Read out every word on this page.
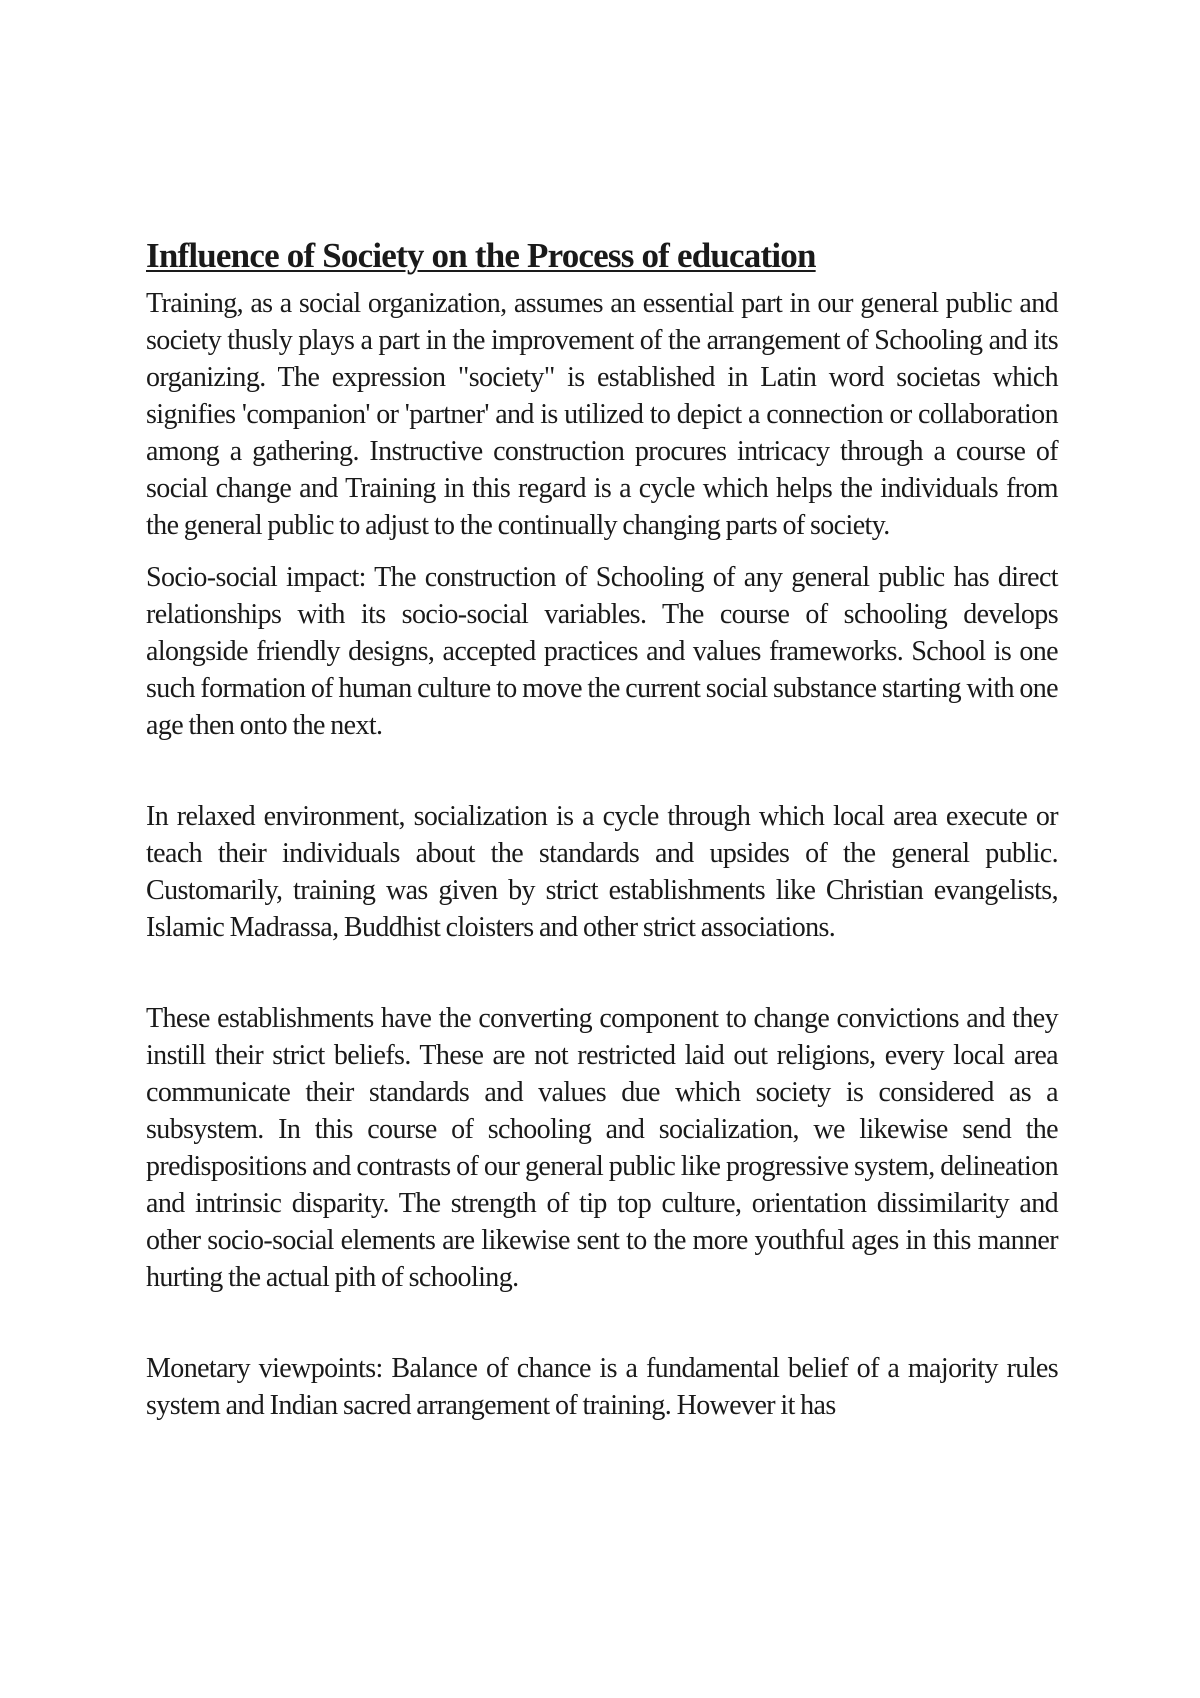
Influence of Society on the Process of education

Training, as a social organization, assumes an essential part in our general public and society thusly plays a part in the improvement of the arrangement of Schooling and its organizing. The expression "society" is established in Latin word societas which signifies 'companion' or 'partner' and is utilized to depict a connection or collaboration among a gathering. Instructive construction procures intricacy through a course of social change and Training in this regard is a cycle which helps the individuals from the general public to adjust to the continually changing parts of society.

Socio-social impact: The construction of Schooling of any general public has direct relationships with its socio-social variables. The course of schooling develops alongside friendly designs, accepted practices and values frameworks. School is one such formation of human culture to move the current social substance starting with one age then onto the next.

In relaxed environment, socialization is a cycle through which local area execute or teach their individuals about the standards and upsides of the general public. Customarily, training was given by strict establishments like Christian evangelists, Islamic Madrassa, Buddhist cloisters and other strict associations.

These establishments have the converting component to change convictions and they instill their strict beliefs. These are not restricted laid out religions, every local area communicate their standards and values due which society is considered as a subsystem. In this course of schooling and socialization, we likewise send the predispositions and contrasts of our general public like progressive system, delineation and intrinsic disparity. The strength of tip top culture, orientation dissimilarity and other socio-social elements are likewise sent to the more youthful ages in this manner hurting the actual pith of schooling.

Monetary viewpoints: Balance of chance is a fundamental belief of a majority rules system and Indian sacred arrangement of training. However it has
